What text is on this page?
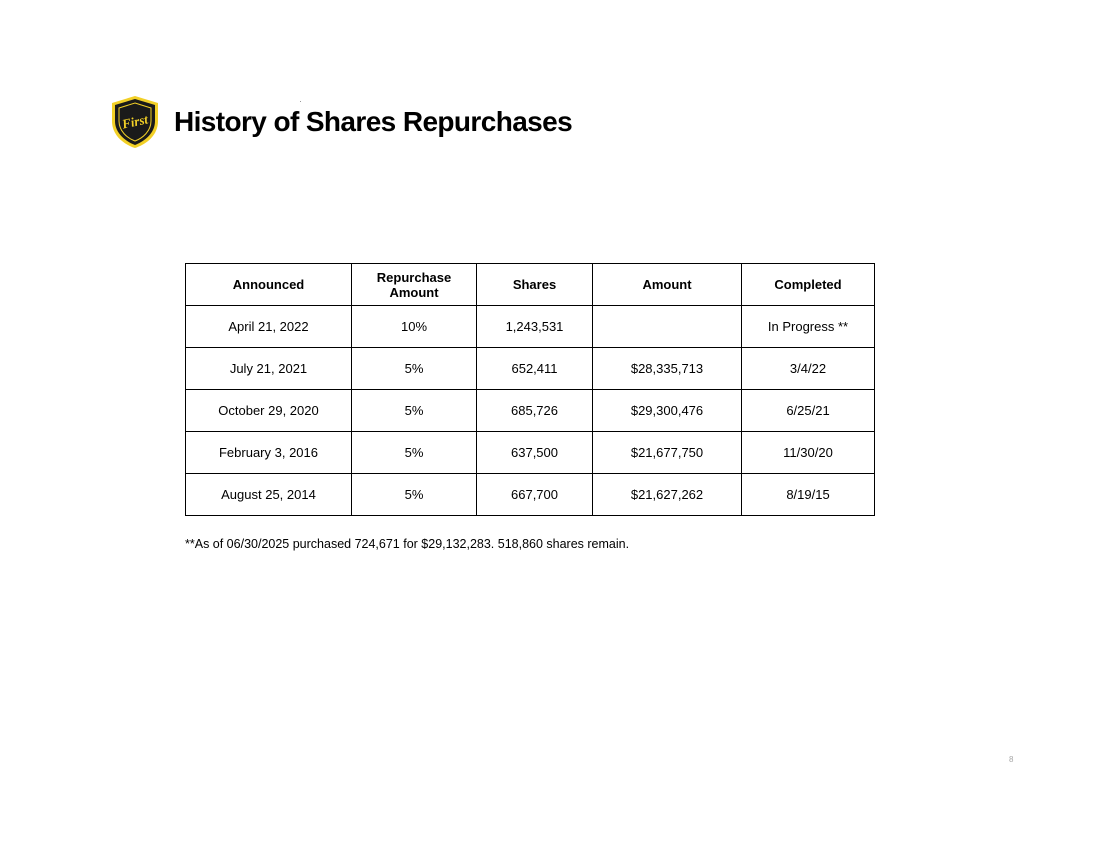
First History of Shares Repurchases
Announced	Repurchase Amount	Shares	Amount	Completed
April 21, 2022	10%	1,243,531		In Progress **
July 21, 2021	5%	652,411	$28,335,713	3/4/22
October 29, 2020	5%	685,726	$29,300,476	6/25/21
February 3, 2016	5%	637,500	$21,677,750	11/30/20
August 25, 2014	5%	667,700	$21,627,262	8/19/15
**As of 06/30/2025 purchased 724,671 for $29,132,283. 518,860 shares remain.
8
